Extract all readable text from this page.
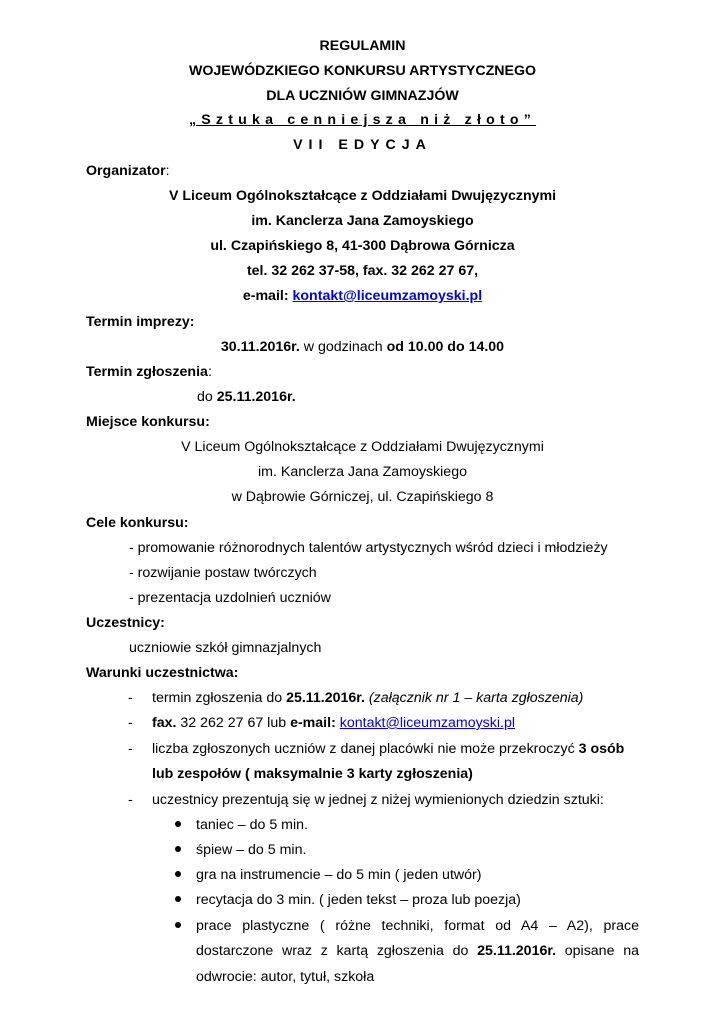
REGULAMIN
WOJEWÓDZKIEGO KONKURSU ARTYSTYCZNEGO
DLA UCZNIÓW GIMNAZJÓW
„Sztuka cenniejsza niż złoto”
VII EDYCJA
Organizator:
V Liceum Ogólnokształcące z Oddziałami Dwujęzycznymi
im. Kanclerza Jana Zamoyskiego
ul. Czapińskiego 8, 41-300 Dąbrowa Górnicza
tel. 32 262 37-58, fax. 32 262 27 67,
e-mail: kontakt@liceumzamoyski.pl
Termin imprezy:
30.11.2016r. w godzinach od 10.00 do 14.00
Termin zgłoszenia:
do 25.11.2016r.
Miejsce konkursu:
V Liceum Ogólnokształcące z Oddziałami Dwujęzycznymi
im. Kanclerza Jana Zamoyskiego
w Dąbrowie Górniczej, ul. Czapińskiego 8
Cele konkursu:
- promowanie różnorodnych talentów artystycznych wśród dzieci i młodzieży
- rozwijanie postaw twórczych
- prezentacja uzdolnień uczniów
Uczestnicy:
uczniowie szkół gimnazjalnych
Warunki uczestnictwa:
- termin zgłoszenia do 25.11.2016r. (załącznik nr 1 – karta zgłoszenia)
- fax. 32 262 27 67 lub e-mail: kontakt@liceumzamoyski.pl
- liczba zgłoszonych uczniów z danej placówki nie może przekroczyć 3 osób
lub zespołów ( maksymalnie 3 karty zgłoszenia)
- uczestnicy prezentują się w jednej z niżej wymienionych dziedzin sztuki:
taniec – do 5 min.
śpiew – do 5 min.
gra na instrumencie – do 5 min ( jeden utwór)
recytacja do 3 min. ( jeden tekst – proza lub poezja)
prace plastyczne ( różne techniki, format od A4 – A2), prace
dostarczone wraz z kartą zgłoszenia do 25.11.2016r. opisane na
odwrocie: autor, tytuł, szkoła
